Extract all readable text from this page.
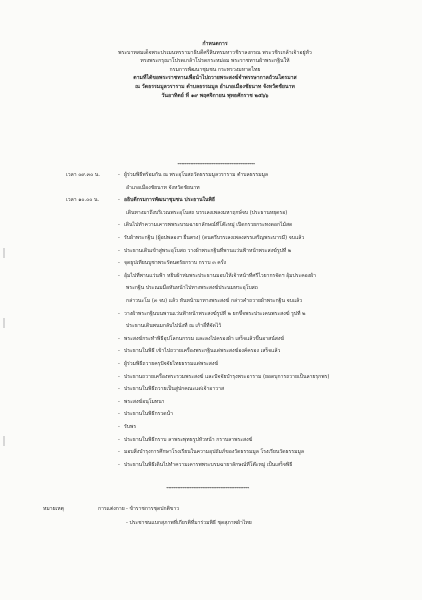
กำหนดการ
พระบาทสมเด็จพระปรเมนทรรามาธิบดีศรีสินทรมหาวชิราลงกรณ พระวชิรเกล้าเจ้าอยู่หัว
ทรงพระกรุณาโปรดเกล้าโปรดกระหม่อม พระราชทานผ้าพระกฐินให้
กรมการพัฒนาชุมชน กระทรวงมหาดไทย
ตามที่ได้ขอพระราชทานเพื่อนำไปถวายพระสงฆ์จำพรรษากาลถ้วนไตรมาส
ณ วัดธรรมมูลวราราม ตำบลธรรมมูล อำเภอเมืองชัยนาท จังหวัดชัยนาท
วันอาทิตย์ ที่ ๑๙ พฤศจิกายน พุทธศักราช ๒๕๖๖
*******************************************
เวลา ๐๙.๓๐ น.	- ผู้ร่วมพิธีพร้อมกัน ณ พระอุโบสถวัดธรรมมูลวราราม ตำบลธรรมมูล
อำเภอเมืองชัยนาท จังหวัดชัยนาท
เวลา ๑๐.๐๐ น.	- อธิบดีกรมการพัฒนาชุมชน ประธานในพิธี
เดินทางมาถึงบริเวณพระอุโบสถ บรรเลงเพลงมหาฤกษ์จบ (ประธานหยุดรอ)
- เดินไปทำความเคารพพระบรมฉายาลักษณ์ที่โต๊ะหมู่ เปิดกรวยกระทงดอกไม้สด
- รับผ้าพระกฐิน (ผู้อปพลองฯ ยืนตรง) (ดนตรีบรรเลงเพลงสรรเสริญพระบารมี) จบแล้ว
- ประธานเดินเข้าสู่พระอุโบสถ วางผ้าพระกฐินที่พานแว่นฟ้าหน้าพระสงฆ์รูปที่ ๒
- จุดธูปเทียนบูชาพระรัตนตรัยกราบ กราบ ๓ ครั้ง
- อุ้มไปที่พานแว่นฟ้า หยิบผ้าห่มพระประธานมอบให้เจ้าหน้าที่ศรีไวยากรจัดฯ อุ้มประคองผ้า
พระกฐิน ประณมมือหันหน้าไปทางพระสงฆ์ประนมหระอุโบสถ
กล่าวนะโม (๓ จบ) แล้ว หันหน้ามาทางพระสงฆ์ กล่าวคำถวายผ้าพระกฐิน จบแล้ว
- วางผ้าพระกฐินบนพานแว่นฟ้าหน้าพระสงฆ์รูปที่ ๒ ยกขึ้จพระประเคนพระสงฆ์ รูปที่ ๒
ประธานเดินพนมกลับไปนั่งที่ ณ เก้าอี้ที่จัดไว้
- พระสงฆ์กระทำพิธีอุปโลกนกรรม และลงไปครองผ้า เสร็จแล้วขึ้นอาสน์สงฆ์
- ประธานในพิธี เข้าไปถวายเครื่องพระกฐินแด่พระสงฆ์องค์ครอง เสร็จแล้ว
- ผู้ร่วมพิธีถวายครุปัจจัยไทยธรรมแด่พระสงฆ์
- ประธานถวายเครื่องพระรวมพระสงฆ์ และปัจจัยบำรุงพระอาราม (ยอดบุการถวายเป็นลายรุกพร)
- ประธานในพิธีถวายเป็นสู่ปกคณะแด่เจ้าอาวาส
- พระสงฆ์อนุโมทนา
- ประธานในพิธีกรวดน้ำ
- รับพร
- ประธานในพิธีกราบ ลาพระพุทธรูปหัวหน้า กราบลาพระสงฆ์
- มอบสิ่งบำรุงการศึกษาโรงเรียนในความอุปถัมภ์ของวัดธรรมมูล โรงเรียนวัดธรรมมูล
- ประธานในพิธีเดินไปทำความเคารพพระบรมฉายาลักษณ์ที่โต๊ะหมู่ เป็นเสร็จพิธี
**********************************************
หมายเหตุ	การแต่งกาย - ข้าราชการชุดปกติขาว
- ประชาชนแบกสุภาพที่เกียรติที่มาร่วมพิธี ชุดสุภาพผ้าไทย
